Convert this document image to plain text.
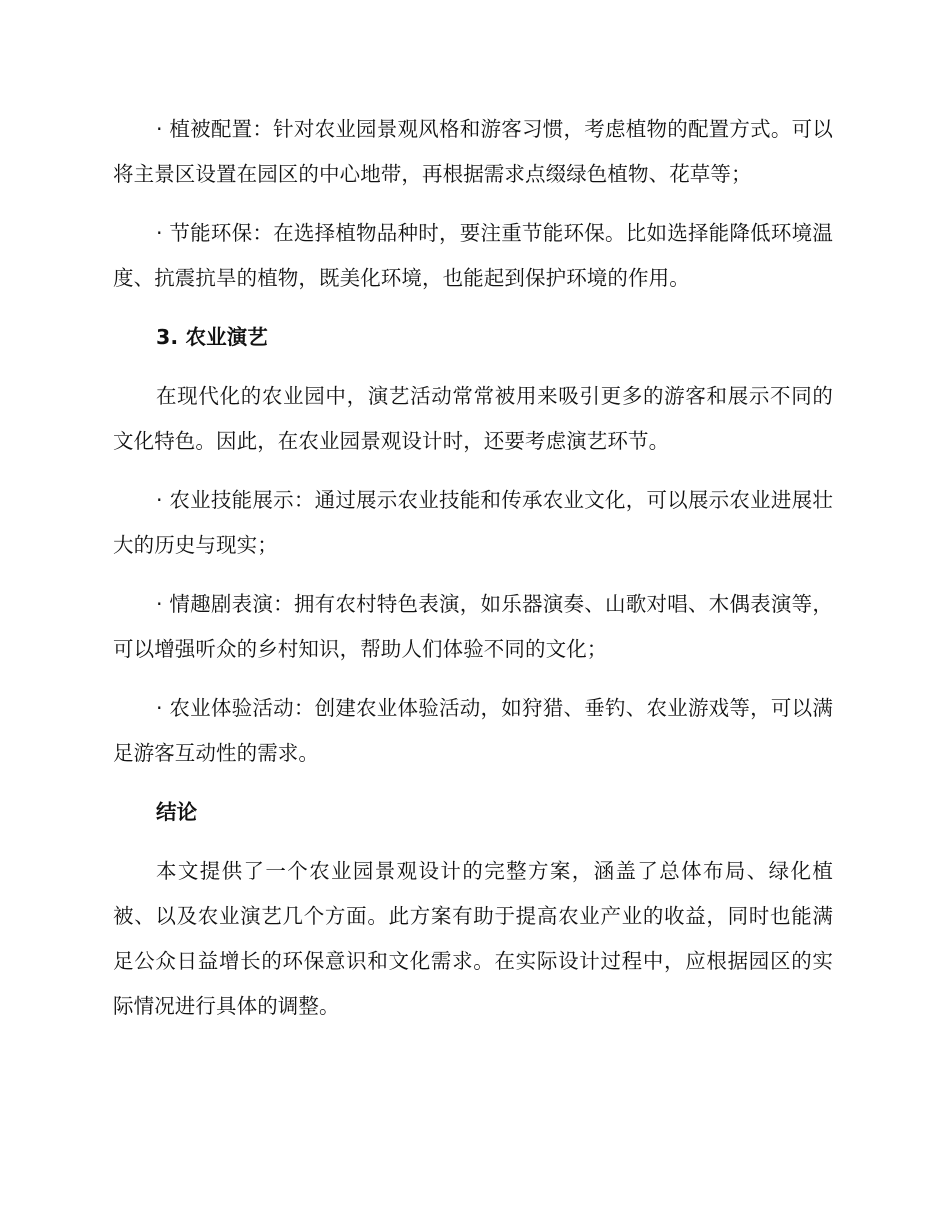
· 植被配置：针对农业园景观风格和游客习惯，考虑植物的配置方式。可以将主景区设置在园区的中心地带，再根据需求点缀绿色植物、花草等；

· 节能环保：在选择植物品种时，要注重节能环保。比如选择能降低环境温度、抗震抗旱的植物，既美化环境，也能起到保护环境的作用。

3. 农业演艺

在现代化的农业园中，演艺活动常常被用来吸引更多的游客和展示不同的文化特色。因此，在农业园景观设计时，还要考虑演艺环节。

· 农业技能展示：通过展示农业技能和传承农业文化，可以展示农业进展壮大的历史与现实；

· 情趣剧表演：拥有农村特色表演，如乐器演奏、山歌对唱、木偶表演等，可以增强听众的乡村知识，帮助人们体验不同的文化；

· 农业体验活动：创建农业体验活动，如狩猎、垂钓、农业游戏等，可以满足游客互动性的需求。

结论

本文提供了一个农业园景观设计的完整方案，涵盖了总体布局、绿化植被、以及农业演艺几个方面。此方案有助于提高农业产业的收益，同时也能满足公众日益增长的环保意识和文化需求。在实际设计过程中，应根据园区的实际情况进行具体的调整。
